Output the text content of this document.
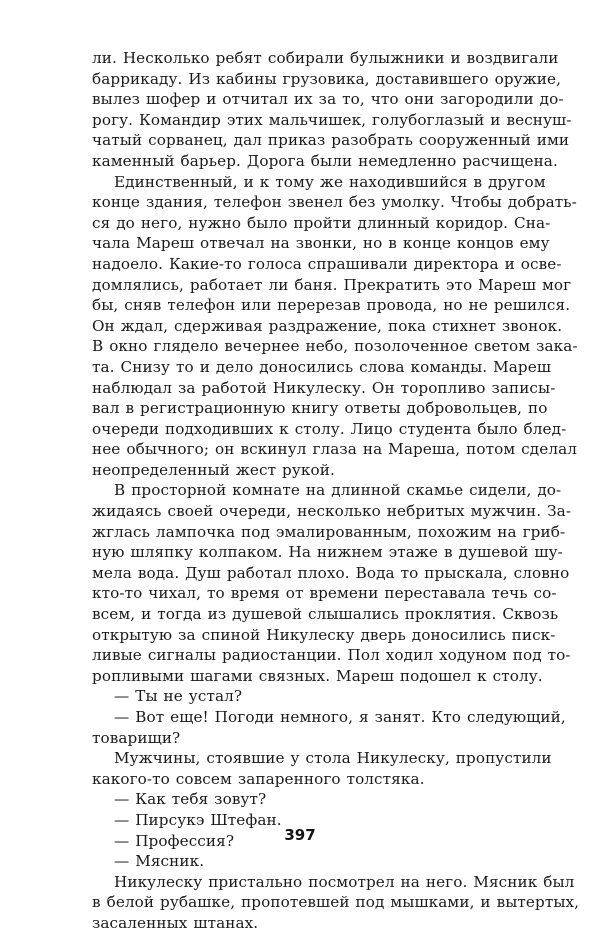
ли. Несколько ребят собирали булыжники и воздвигали
баррикаду. Из кабины грузовика, доставившего оружие,
вылез шофер и отчитал их за то, что они загородили до-
рогу. Командир этих мальчишек, голубоглазый и веснуш-
чатый сорванец, дал приказ разобрать сооруженный ими
каменный барьер. Дорога были немедленно расчищена.
Единственный, и к тому же находившийся в другом
конце здания, телефон звенел без умолку. Чтобы добрать-
ся до него, нужно было пройти длинный коридор. Сна-
чала Мареш отвечал на звонки, но в конце концов ему
надоело. Какие-то голоса спрашивали директора и осве-
домлялись, работает ли баня. Прекратить это Мареш мог
бы, сняв телефон или перерезав провода, но не решился.
Он ждал, сдерживая раздражение, пока стихнет звонок.
В окно глядело вечернее небо, позолоченное светом зака-
та. Снизу то и дело доносились слова команды. Мареш
наблюдал за работой Никулеску. Он торопливо записы-
вал в регистрационную книгу ответы добровольцев, по
очереди подходивших к столу. Лицо студента было блед-
нее обычного; он вскинул глаза на Мареша, потом сделал
неопределенный жест рукой.
В просторной комнате на длинной скамье сидели, до-
жидаясь своей очереди, несколько небритых мужчин. За-
жглась лампочка под эмалированным, похожим на гриб-
ную шляпку колпаком. На нижнем этаже в душевой шу-
мела вода. Душ работал плохо. Вода то прыскала, словно
кто-то чихал, то время от времени переставала течь со-
всем, и тогда из душевой слышались проклятия. Сквозь
открытую за спиной Никулеску дверь доносились писк-
ливые сигналы радиостанции. Пол ходил ходуном под то-
ропливыми шагами связных. Мареш подошел к столу.
— Ты не устал?
— Вот еще! Погоди немного, я занят. Кто следующий,
товарищи?
Мужчины, стоявшие у стола Никулеску, пропустили
какого-то совсем запаренного толстяка.
— Как тебя зовут?
— Пирсукэ Штефан.
— Профессия?
— Мясник.
Никулеску пристально посмотрел на него. Мясник был
в белой рубашке, пропотевшей под мышками, и вытертых,
засаленных штанах.
397
